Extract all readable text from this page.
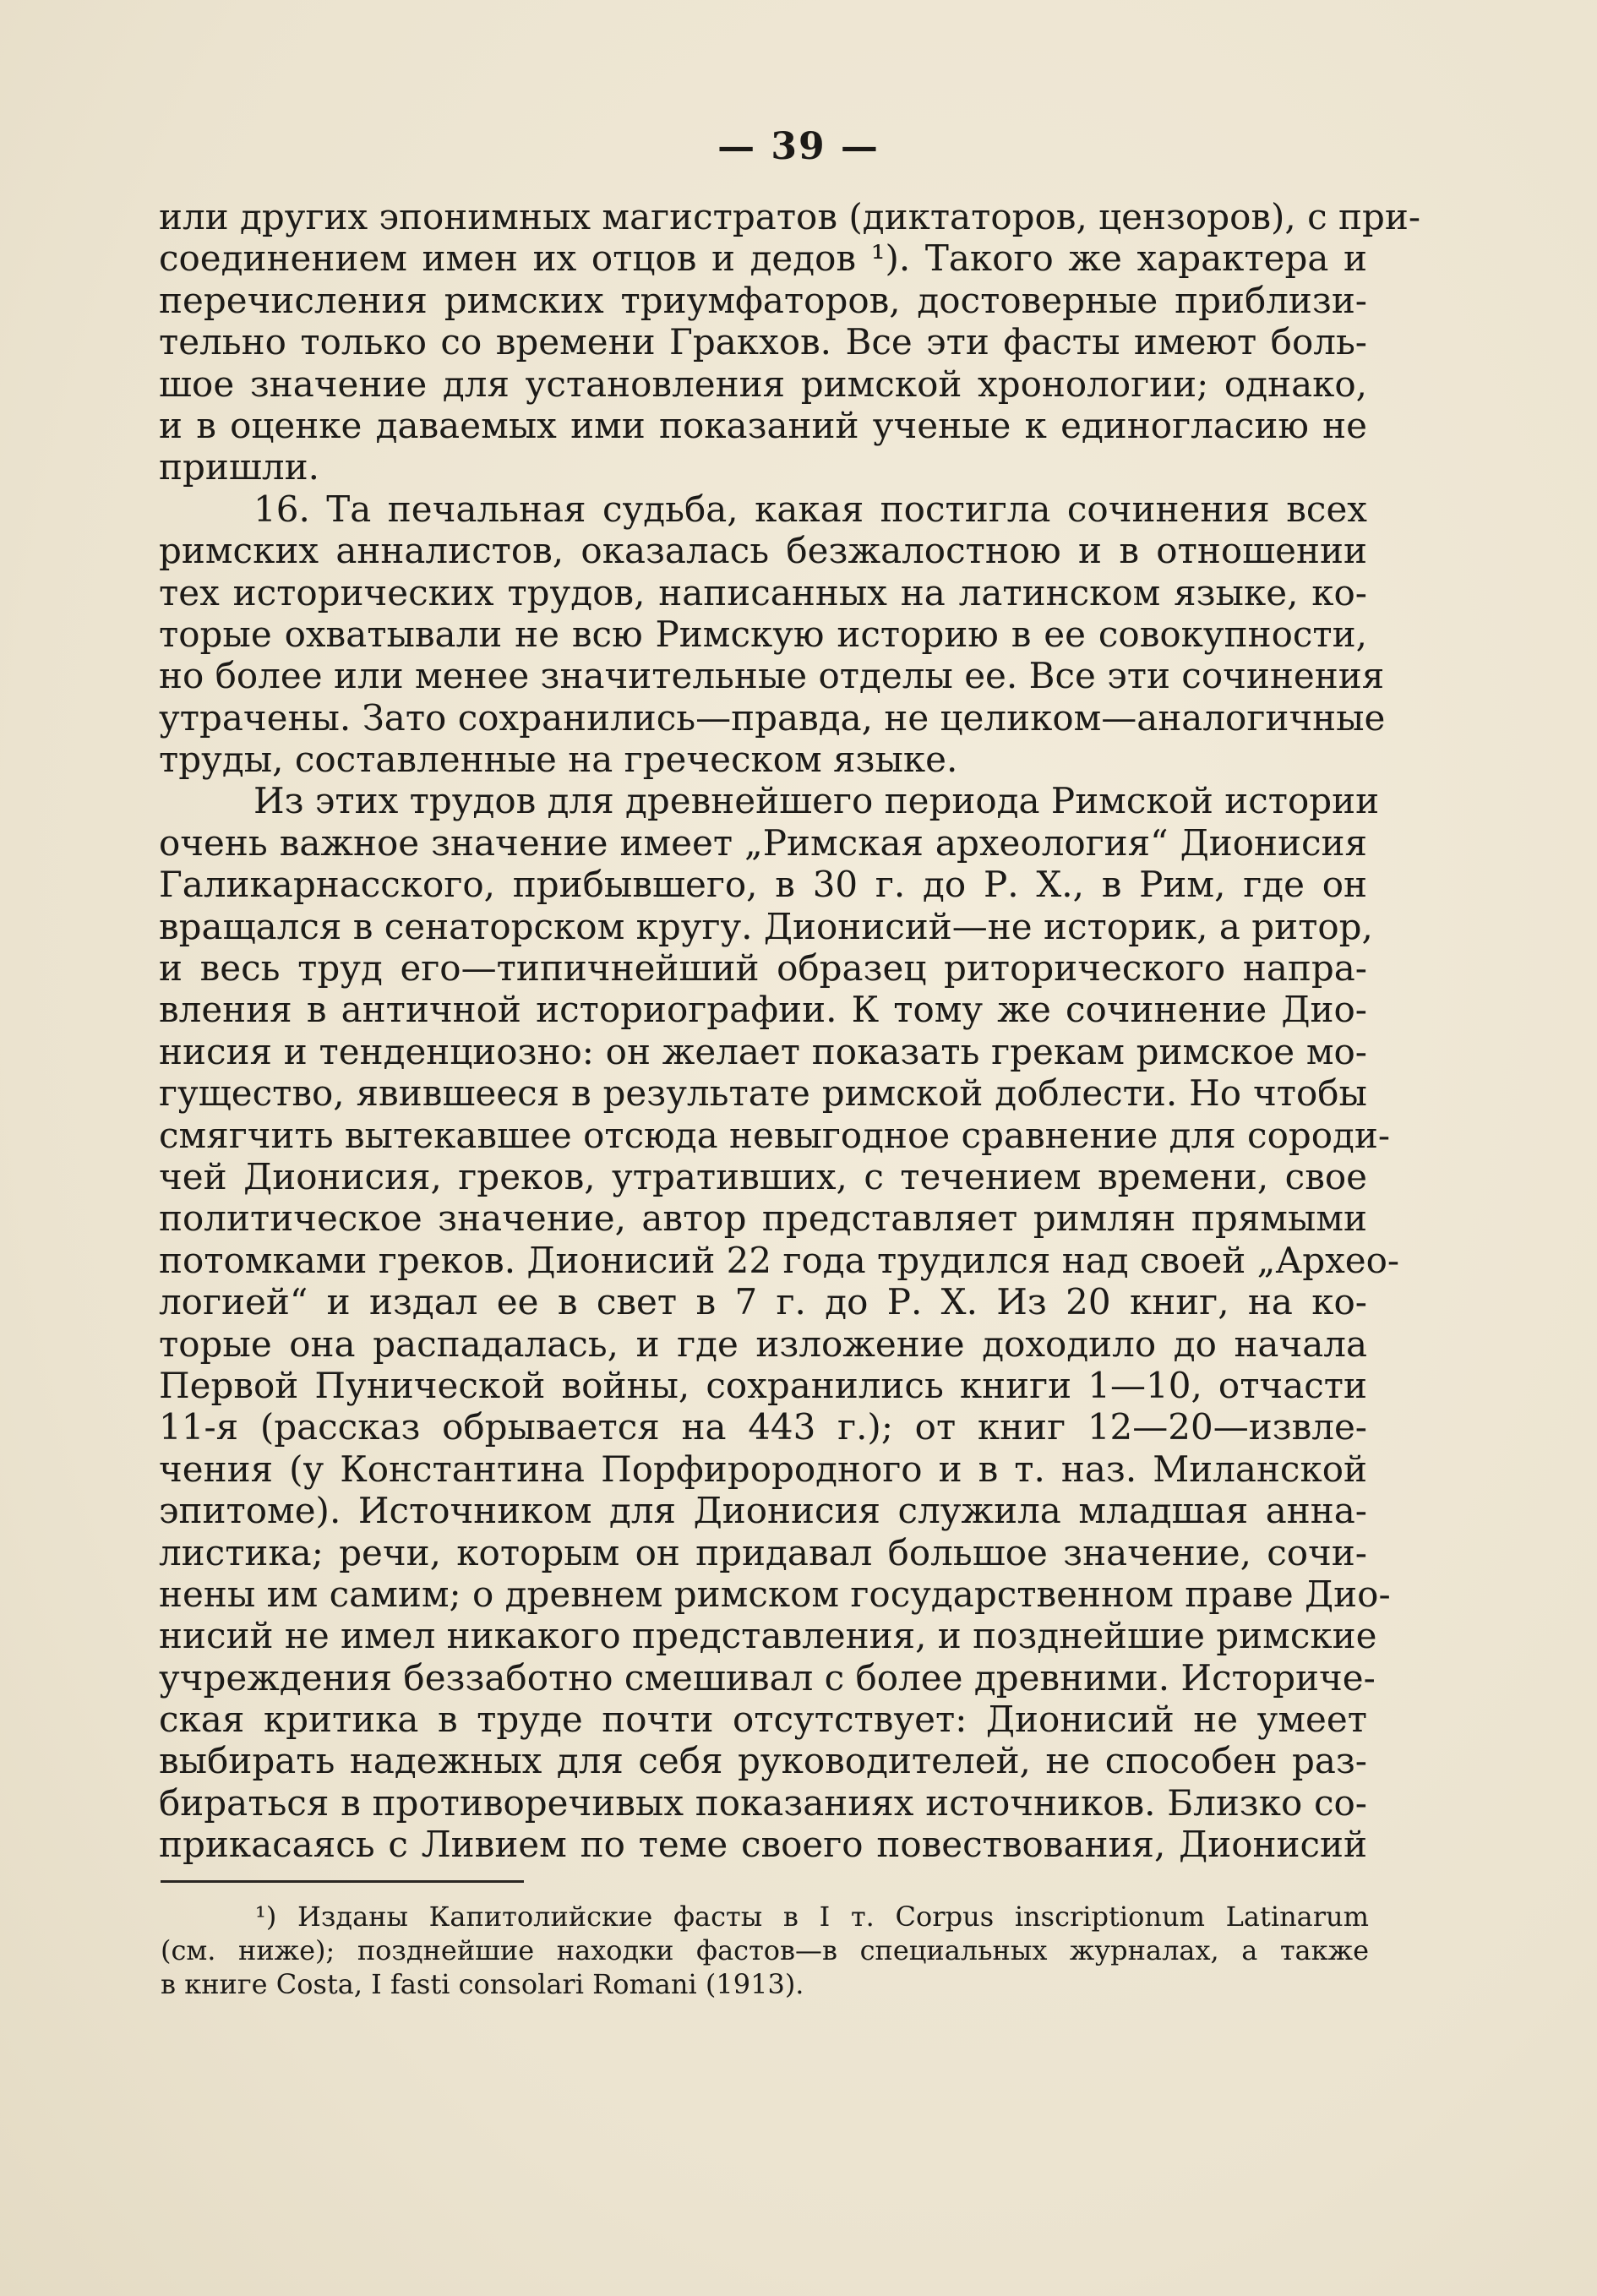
— 39 —
или других эпонимных магистратов (диктаторов, цензоров), с при-
соединением имен их отцов и дедов ¹). Такого же характера и
перечисления римских триумфаторов, достоверные приблизи-
тельно только со времени Гракхов. Все эти фасты имеют боль-
шое значение для установления римской хронологии; однако,
и в оценке даваемых ими показаний ученые к единогласию не
пришли.
16. Та печальная судьба, какая постигла сочинения всех
римских анналистов, оказалась безжалостною и в отношении
тех исторических трудов, написанных на латинском языке, ко-
торые охватывали не всю Римскую историю в ее совокупности,
но более или менее значительные отделы ее. Все эти сочинения
утрачены. Зато сохранились—правда, не целиком—аналогичные
труды, составленные на греческом языке.
Из этих трудов для древнейшего периода Римской истории
очень важное значение имеет „Римская археология“ Дионисия
Галикарнасского, прибывшего, в 30 г. до Р. Х., в Рим, где он
вращался в сенаторском кругу. Дионисий—не историк, а ритор,
и весь труд его—типичнейший образец риторического напра-
вления в античной историографии. К тому же сочинение Дио-
нисия и тенденциозно: он желает показать грекам римское мо-
гущество, явившееся в результате римской доблести. Но чтобы
смягчить вытекавшее отсюда невыгодное сравнение для сороди-
чей Дионисия, греков, утративших, с течением времени, свое
политическое значение, автор представляет римлян прямыми
потомками греков. Дионисий 22 года трудился над своей „Архео-
логией“ и издал ее в свет в 7 г. до Р. Х. Из 20 книг, на ко-
торые она распадалась, и где изложение доходило до начала
Первой Пунической войны, сохранились книги 1—10, отчасти
11-я (рассказ обрывается на 443 г.); от книг 12—20—извле-
чения (у Константина Порфирородного и в т. наз. Миланской
эпитоме). Источником для Дионисия служила младшая анна-
листика; речи, которым он придавал большое значение, сочи-
нены им самим; о древнем римском государственном праве Дио-
нисий не имел никакого представления, и позднейшие римские
учреждения беззаботно смешивал с более древними. Историче-
ская критика в труде почти отсутствует: Дионисий не умеет
выбирать надежных для себя руководителей, не способен раз-
бираться в противоречивых показаниях источников. Близко со-
прикасаясь с Ливием по теме своего повествования, Дионисий
¹) Изданы Капитолийские фасты в I т. Corpus inscriptionum Latinarum
(см. ниже); позднейшие находки фастов—в специальных журналах, а также
в книге Costa, I fasti consolari Romani (1913).
